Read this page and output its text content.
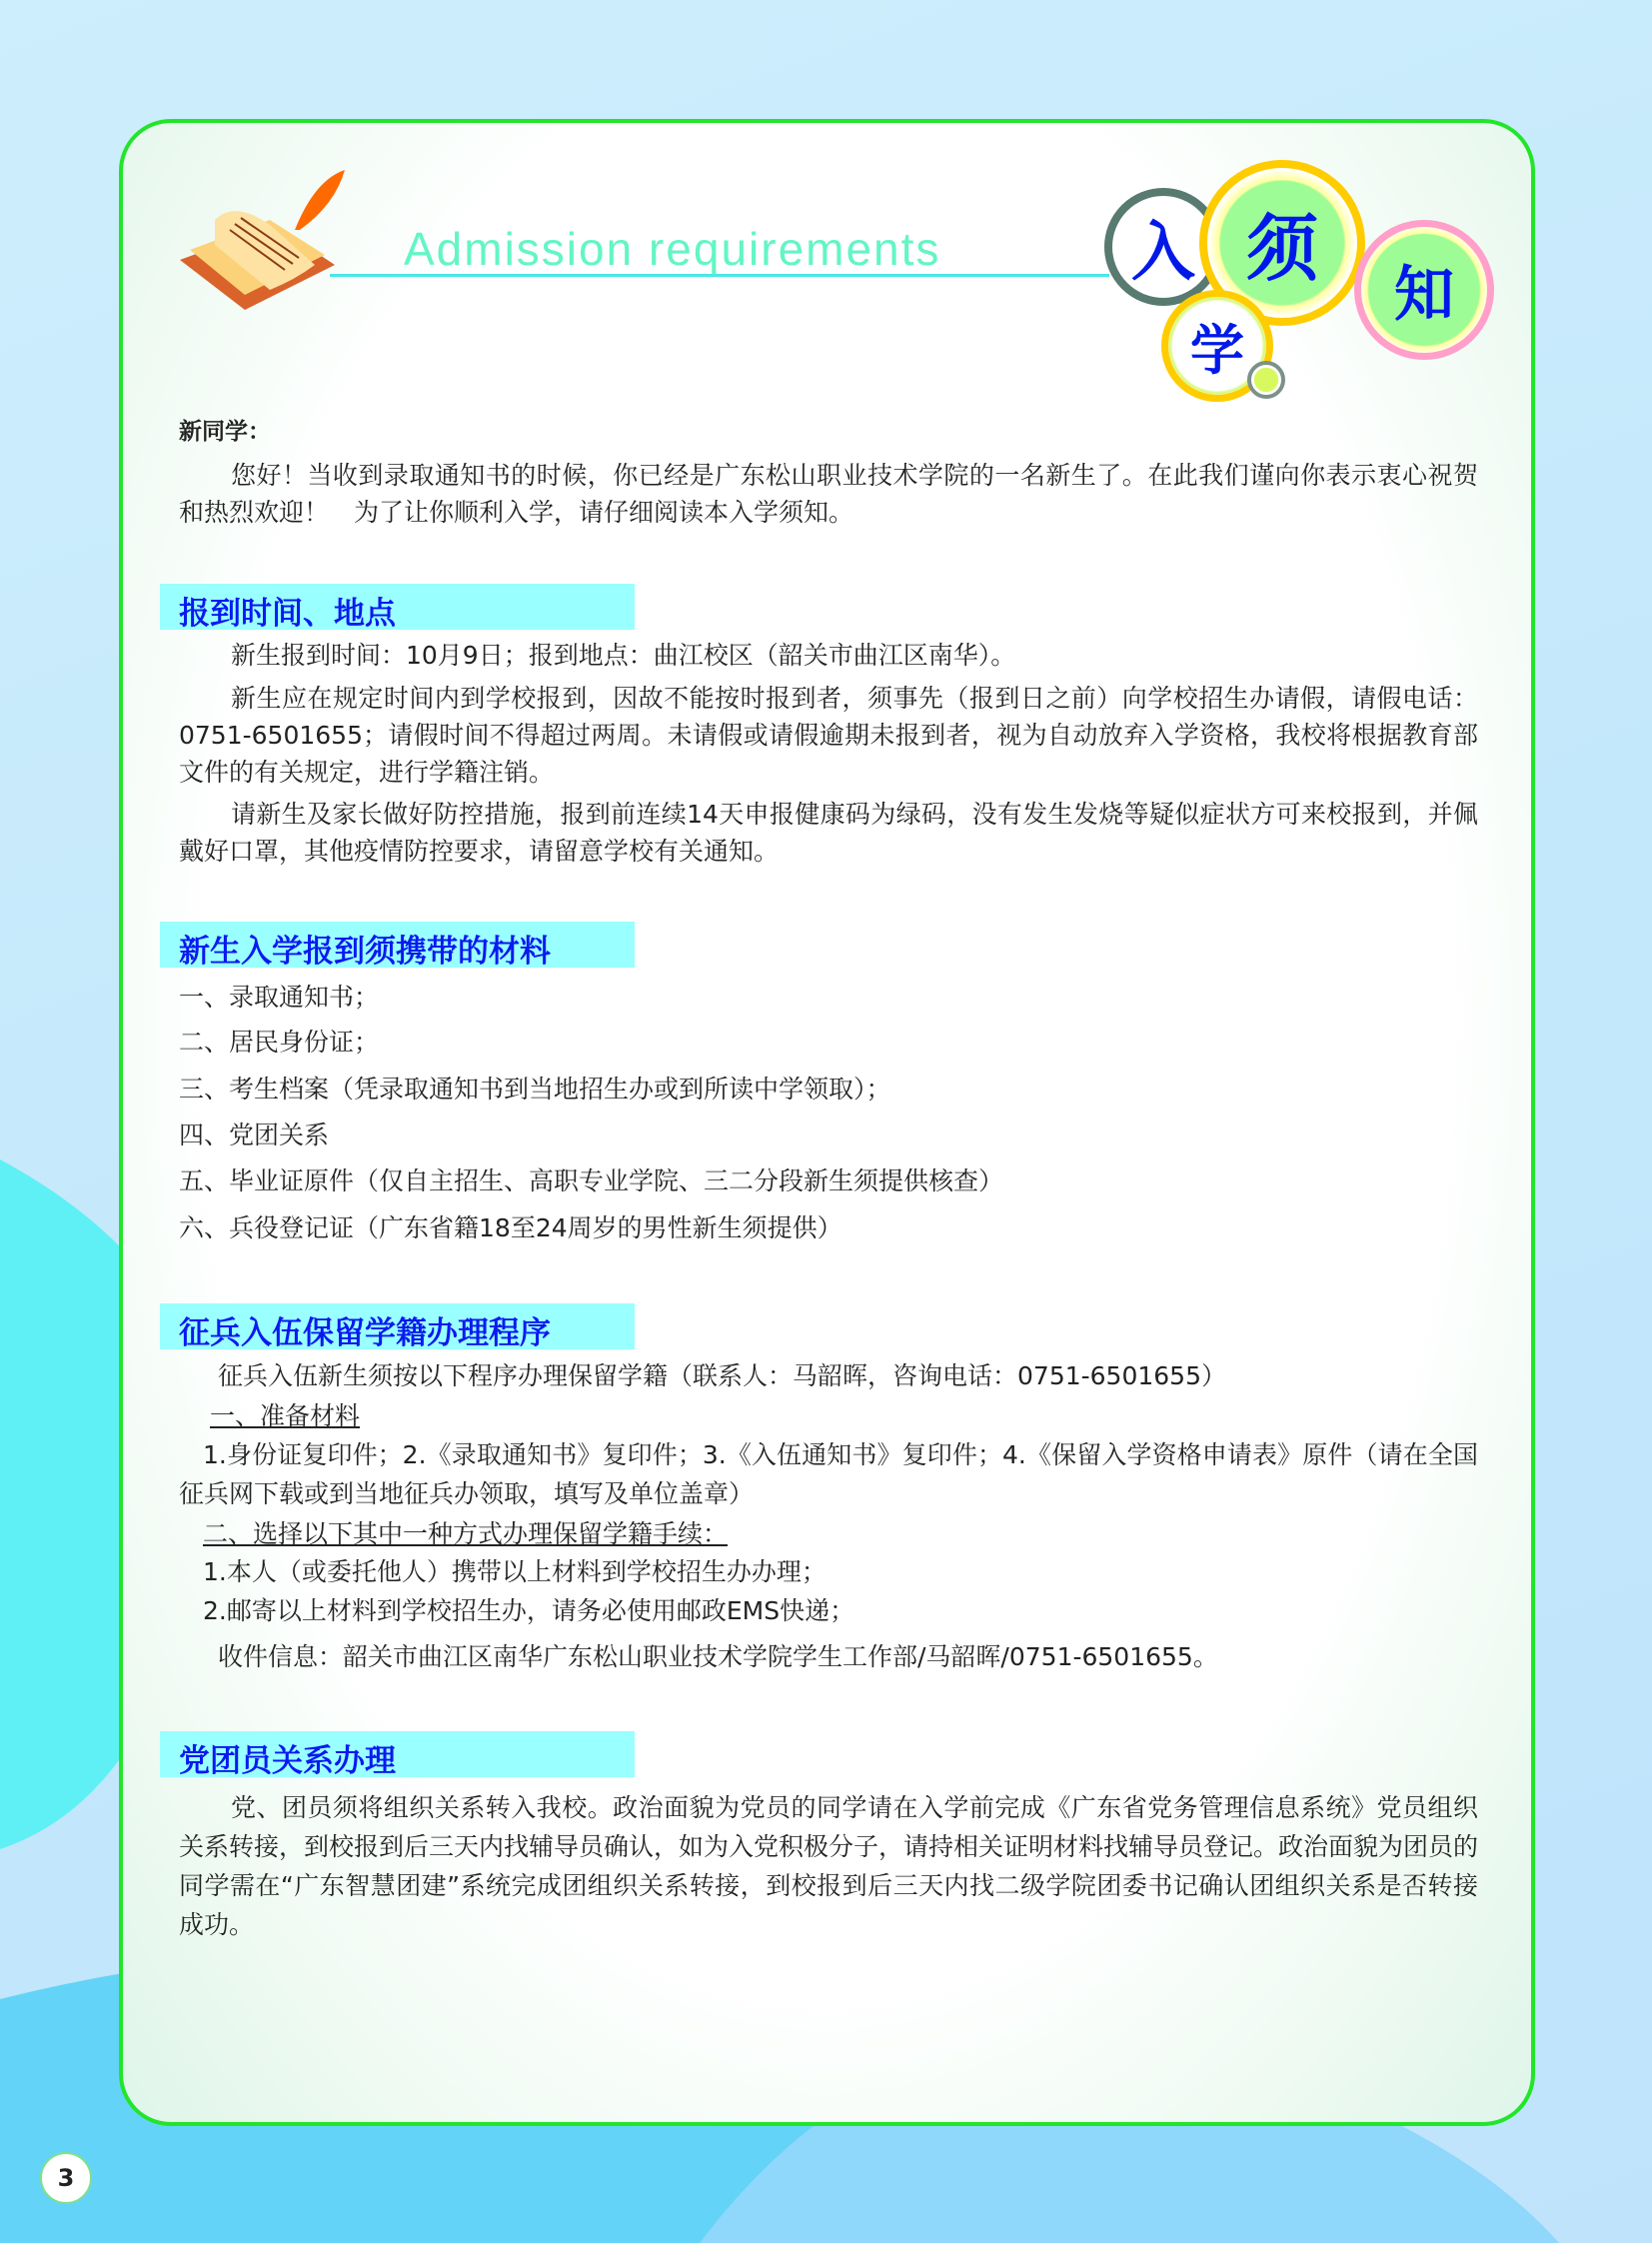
Admission requirements	入 须
知
学
新同学：
您好！当收到录取通知书的时候，你已经是广东松山职业技术学院的一名新生了。在此我们谨向你表示衷心祝贺和热烈欢迎！　为了让你顺利入学，请仔细阅读本入学须知。
报到时间、地点
新生报到时间：10月9日；报到地点：曲江校区（韶关市曲江区南华）。
新生应在规定时间内到学校报到，因故不能按时报到者，须事先（报到日之前）向学校招生办请假，请假电话：0751-6501655；请假时间不得超过两周。未请假或请假逾期未报到者，视为自动放弃入学资格，我校将根据教育部文件的有关规定，进行学籍注销。
请新生及家长做好防控措施，报到前连续14天申报健康码为绿码，没有发生发烧等疑似症状方可来校报到，并佩戴好口罩，其他疫情防控要求，请留意学校有关通知。
新生入学报到须携带的材料
一、录取通知书；
二、居民身份证；
三、考生档案（凭录取通知书到当地招生办或到所读中学领取）；
四、党团关系
五、毕业证原件（仅自主招生、高职专业学院、三二分段新生须提供核查）
六、兵役登记证（广东省籍18至24周岁的男性新生须提供）
征兵入伍保留学籍办理程序
征兵入伍新生须按以下程序办理保留学籍（联系人：马韶晖，咨询电话：0751-6501655）
一、准备材料
1.身份证复印件；2.《录取通知书》复印件；3.《入伍通知书》复印件；4.《保留入学资格申请表》原件（请在全国征兵网下载或到当地征兵办领取，填写及单位盖章）
二、选择以下其中一种方式办理保留学籍手续：
1.本人（或委托他人）携带以上材料到学校招生办办理；
2.邮寄以上材料到学校招生办，请务必使用邮政EMS快递；
收件信息：韶关市曲江区南华广东松山职业技术学院学生工作部/马韶晖/0751-6501655。
党团员关系办理
党、团员须将组织关系转入我校。政治面貌为党员的同学请在入学前完成《广东省党务管理信息系统》党员组织关系转接，到校报到后三天内找辅导员确认，如为入党积极分子，请持相关证明材料找辅导员登记。政治面貌为团员的同学需在“广东智慧团建”系统完成团组织关系转接，到校报到后三天内找二级学院团委书记确认团组织关系是否转接成功。
3
